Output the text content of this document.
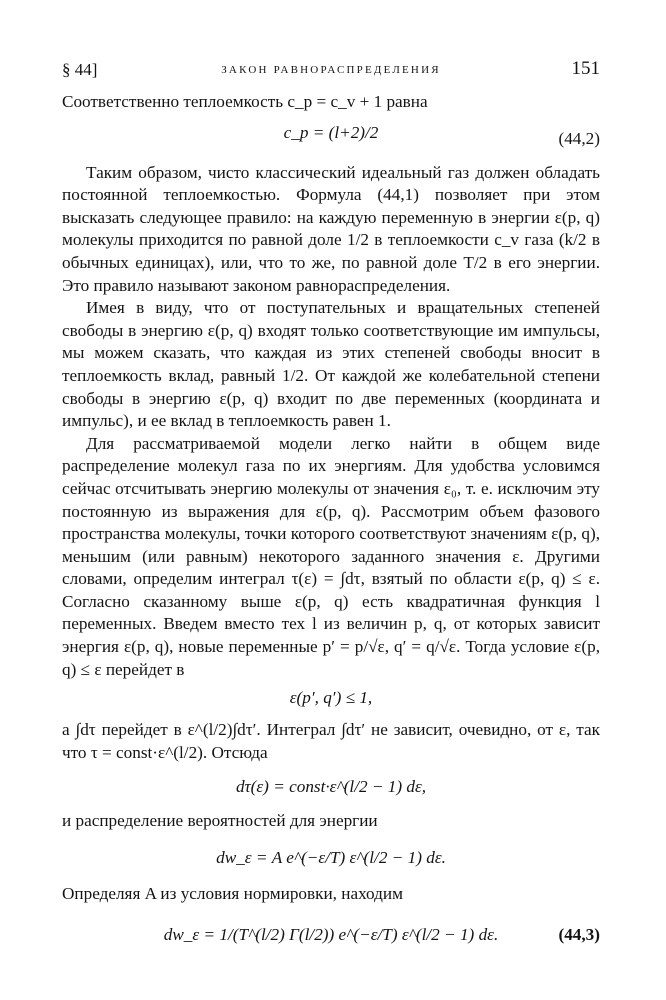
§ 44]	ЗАКОН РАВНОРАСПРЕДЕЛЕНИЯ	151

Соответственно теплоемкость c_p = c_v + 1 равна

c_p = (l+2)/2	(44,2)

Таким образом, чисто классический идеальный газ должен обладать постоянной теплоемкостью. Формула (44,1) позволяет при этом высказать следующее правило: на каждую переменную в энергии ε(p, q) молекулы приходится по равной доле 1/2 в теплоемкости c_v газа (k/2 в обычных единицах), или, что то же, по равной доле T/2 в его энергии. Это правило называют законом равнораспределения.

Имея в виду, что от поступательных и вращательных степеней свободы в энергию ε(p, q) входят только соответствующие им импульсы, мы можем сказать, что каждая из этих степеней свободы вносит в теплоемкость вклад, равный 1/2. От каждой же колебательной степени свободы в энергию ε(p, q) входит по две переменных (координата и импульс), и ее вклад в теплоемкость равен 1.

Для рассматриваемой модели легко найти в общем виде распределение молекул газа по их энергиям. Для удобства условимся сейчас отсчитывать энергию молекулы от значения ε₀, т. е. исключим эту постоянную из выражения для ε(p, q). Рассмотрим объем фазового пространства молекулы, точки которого соответствуют значениям ε(p, q), меньшим (или равным) некоторого заданного значения ε. Другими словами, определим интеграл τ(ε) = ∫dτ, взятый по области ε(p, q) ≤ ε. Согласно сказанному выше ε(p, q) есть квадратичная функция l переменных. Введем вместо тех l из величин p, q, от которых зависит энергия ε(p, q), новые переменные p′ = p/√ε, q′ = q/√ε. Тогда условие ε(p, q) ≤ ε перейдет в

ε(p′, q′) ≤ 1,

a ∫dτ перейдет в ε^(l/2)∫dτ′. Интеграл ∫dτ′ не зависит, очевидно, от ε, так что τ = const·ε^(l/2). Отсюда

dτ(ε) = const·ε^(l/2 − 1) dε,

и распределение вероятностей для энергии

dw_ε = A e^(−ε/T) ε^(l/2 − 1) dε.

Определяя A из условия нормировки, находим

dw_ε = 1/(T^(l/2) Γ(l/2)) e^(−ε/T) ε^(l/2 − 1) dε.	(44,3)
